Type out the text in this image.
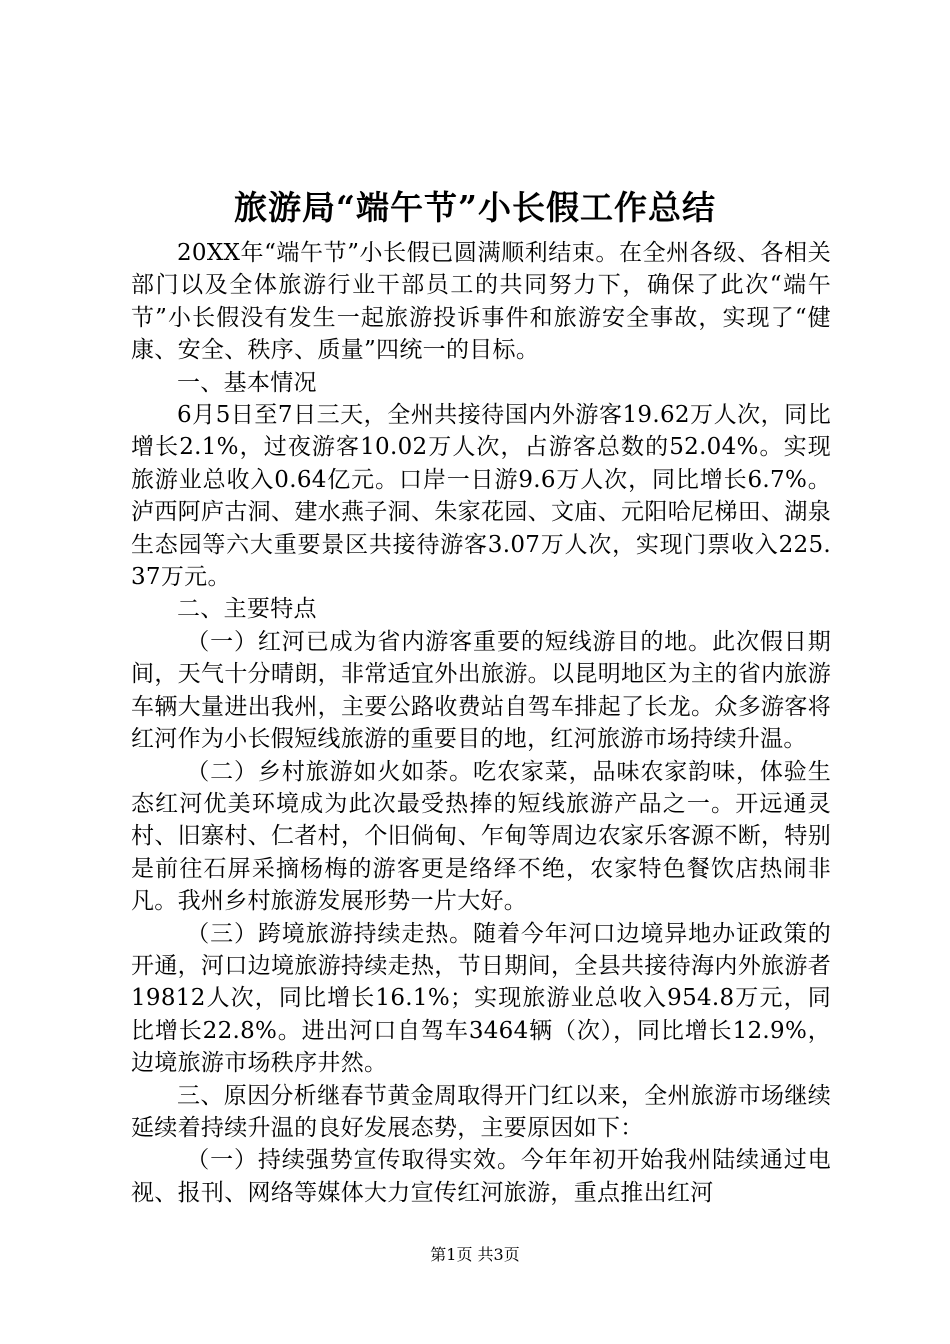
旅游局“端午节”小长假工作总结

20XX年“端午节”小长假已圆满顺利结束。在全州各级、各相关部门以及全体旅游行业干部员工的共同努力下，确保了此次“端午节”小长假没有发生一起旅游投诉事件和旅游安全事故，实现了“健康、安全、秩序、质量”四统一的目标。

一、基本情况

6月5日至7日三天，全州共接待国内外游客19.62万人次，同比增长2.1%，过夜游客10.02万人次，占游客总数的52.04%。实现旅游业总收入0.64亿元。口岸一日游9.6万人次，同比增长6.7%。泸西阿庐古洞、建水燕子洞、朱家花园、文庙、元阳哈尼梯田、湖泉生态园等六大重要景区共接待游客3.07万人次，实现门票收入225.37万元。

二、主要特点

（一）红河已成为省内游客重要的短线游目的地。此次假日期间，天气十分晴朗，非常适宜外出旅游。以昆明地区为主的省内旅游车辆大量进出我州，主要公路收费站自驾车排起了长龙。众多游客将红河作为小长假短线旅游的重要目的地，红河旅游市场持续升温。

（二）乡村旅游如火如荼。吃农家菜，品味农家韵味，体验生态红河优美环境成为此次最受热捧的短线旅游产品之一。开远通灵村、旧寨村、仁者村，个旧倘甸、乍甸等周边农家乐客源不断，特别是前往石屏采摘杨梅的游客更是络绎不绝，农家特色餐饮店热闹非凡。我州乡村旅游发展形势一片大好。

（三）跨境旅游持续走热。随着今年河口边境异地办证政策的开通，河口边境旅游持续走热，节日期间，全县共接待海内外旅游者19812人次，同比增长16.1%；实现旅游业总收入954.8万元，同比增长22.8%。进出河口自驾车3464辆（次），同比增长12.9%，边境旅游市场秩序井然。

三、原因分析继春节黄金周取得开门红以来，全州旅游市场继续延续着持续升温的良好发展态势，主要原因如下：

（一）持续强势宣传取得实效。今年年初开始我州陆续通过电视、报刊、网络等媒体大力宣传红河旅游，重点推出红河

第1页 共3页
